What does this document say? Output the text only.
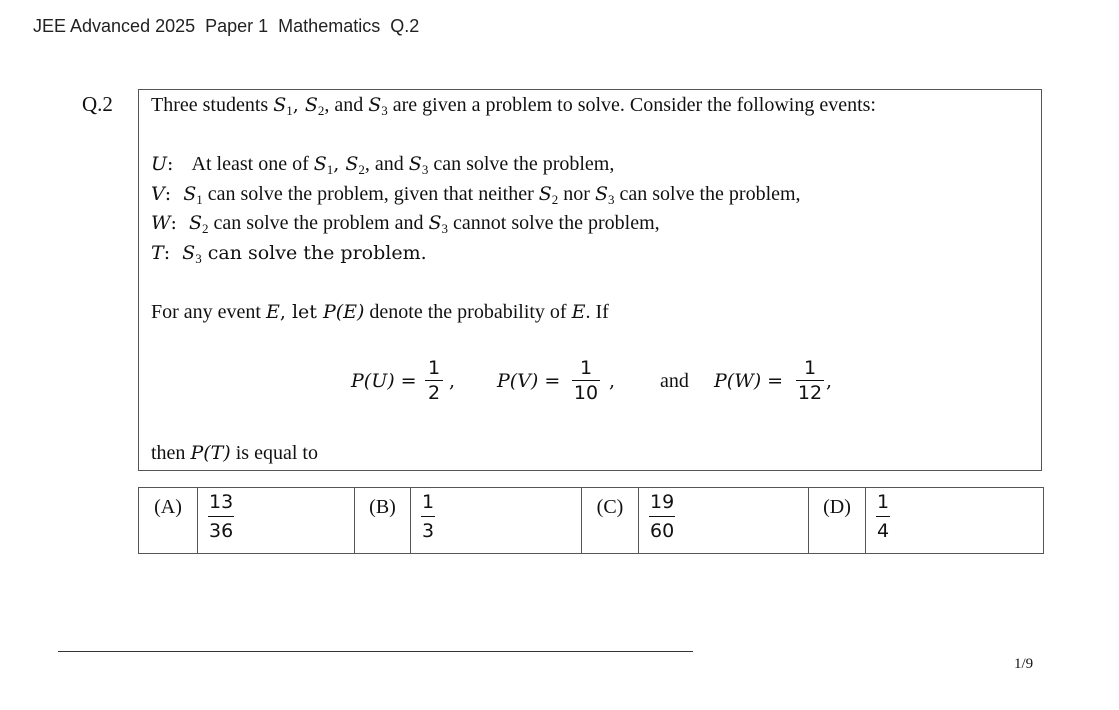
JEE Advanced 2025  Paper 1  Mathematics  Q.2
Q.2 Three students $S_1$, $S_2$, and $S_3$ are given a problem to solve. Consider the following events:
U:   At least one of $S_1$, $S_2$, and $S_3$ can solve the problem,
V:  $S_1$ can solve the problem, given that neither $S_2$ nor $S_3$ can solve the problem,
W:  $S_2$ can solve the problem and $S_3$ cannot solve the problem,
T:  $S_3$ can solve the problem.
For any event E, let P(E) denote the probability of E. If
P(U) =
1
2
, P(V) =
1
10
, and P(W) =
1
12
,
then P(T) is equal to
(A)	$\frac{13}{36}$	(B)	$\frac{1}{3}$	(C)	$\frac{19}{60}$	(D)	$\frac{1}{4}$
1/9
